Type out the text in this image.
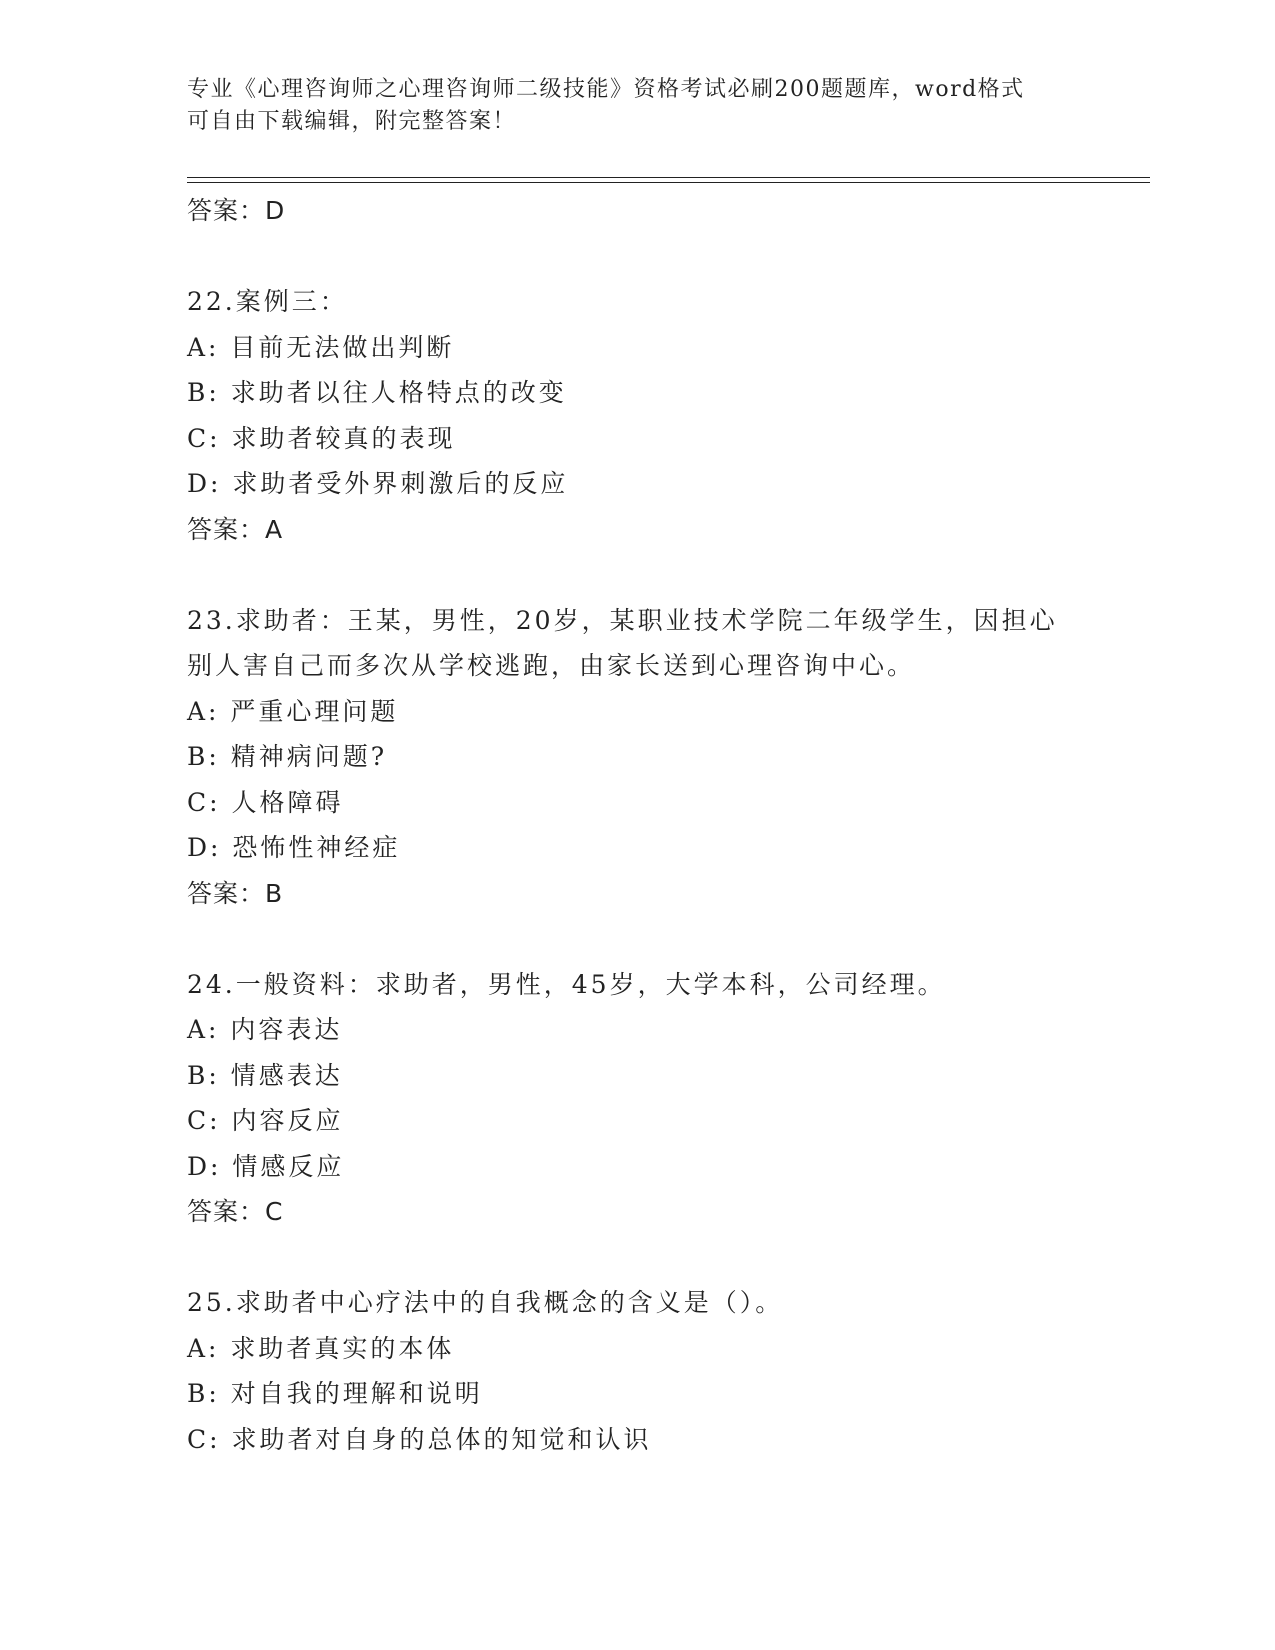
专业《心理咨询师之心理咨询师二级技能》资格考试必刷200题题库，word格式
可自由下载编辑，附完整答案！
答案：D
22.案例三：
A: 目前无法做出判断
B: 求助者以往人格特点的改变
C: 求助者较真的表现
D: 求助者受外界刺激后的反应
答案：A
23.求助者：王某，男性，20岁，某职业技术学院二年级学生，因担心
别人害自己而多次从学校逃跑，由家长送到心理咨询中心。
A: 严重心理问题
B: 精神病问题?
C: 人格障碍
D: 恐怖性神经症
答案：B
24.一般资料：求助者，男性，45岁，大学本科，公司经理。
A: 内容表达
B: 情感表达
C: 内容反应
D: 情感反应
答案：C
25.求助者中心疗法中的自我概念的含义是（）。
A: 求助者真实的本体
B: 对自我的理解和说明
C: 求助者对自身的总体的知觉和认识
